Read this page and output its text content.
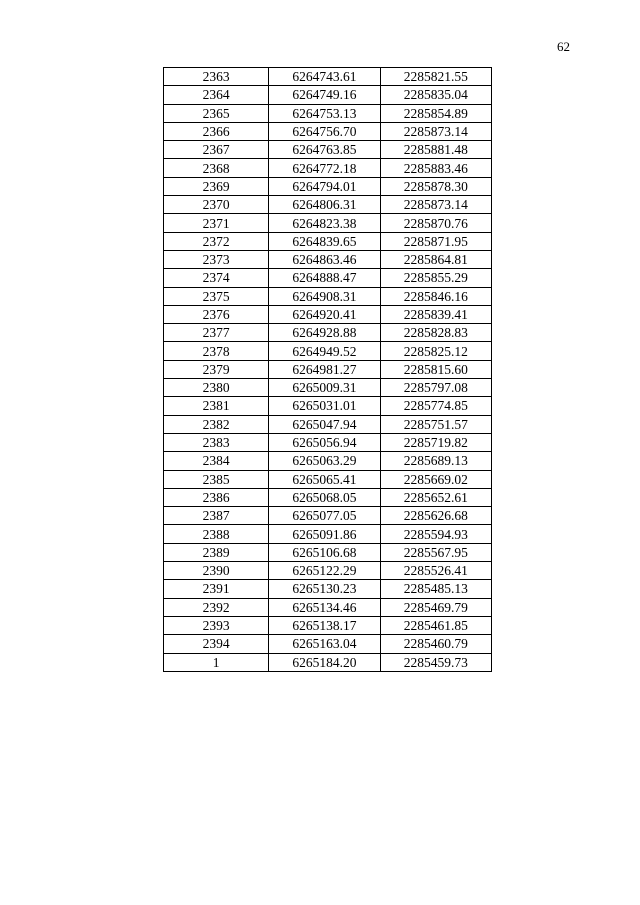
62
2363	6264743.61	2285821.55
2364	6264749.16	2285835.04
2365	6264753.13	2285854.89
2366	6264756.70	2285873.14
2367	6264763.85	2285881.48
2368	6264772.18	2285883.46
2369	6264794.01	2285878.30
2370	6264806.31	2285873.14
2371	6264823.38	2285870.76
2372	6264839.65	2285871.95
2373	6264863.46	2285864.81
2374	6264888.47	2285855.29
2375	6264908.31	2285846.16
2376	6264920.41	2285839.41
2377	6264928.88	2285828.83
2378	6264949.52	2285825.12
2379	6264981.27	2285815.60
2380	6265009.31	2285797.08
2381	6265031.01	2285774.85
2382	6265047.94	2285751.57
2383	6265056.94	2285719.82
2384	6265063.29	2285689.13
2385	6265065.41	2285669.02
2386	6265068.05	2285652.61
2387	6265077.05	2285626.68
2388	6265091.86	2285594.93
2389	6265106.68	2285567.95
2390	6265122.29	2285526.41
2391	6265130.23	2285485.13
2392	6265134.46	2285469.79
2393	6265138.17	2285461.85
2394	6265163.04	2285460.79
1	6265184.20	2285459.73
